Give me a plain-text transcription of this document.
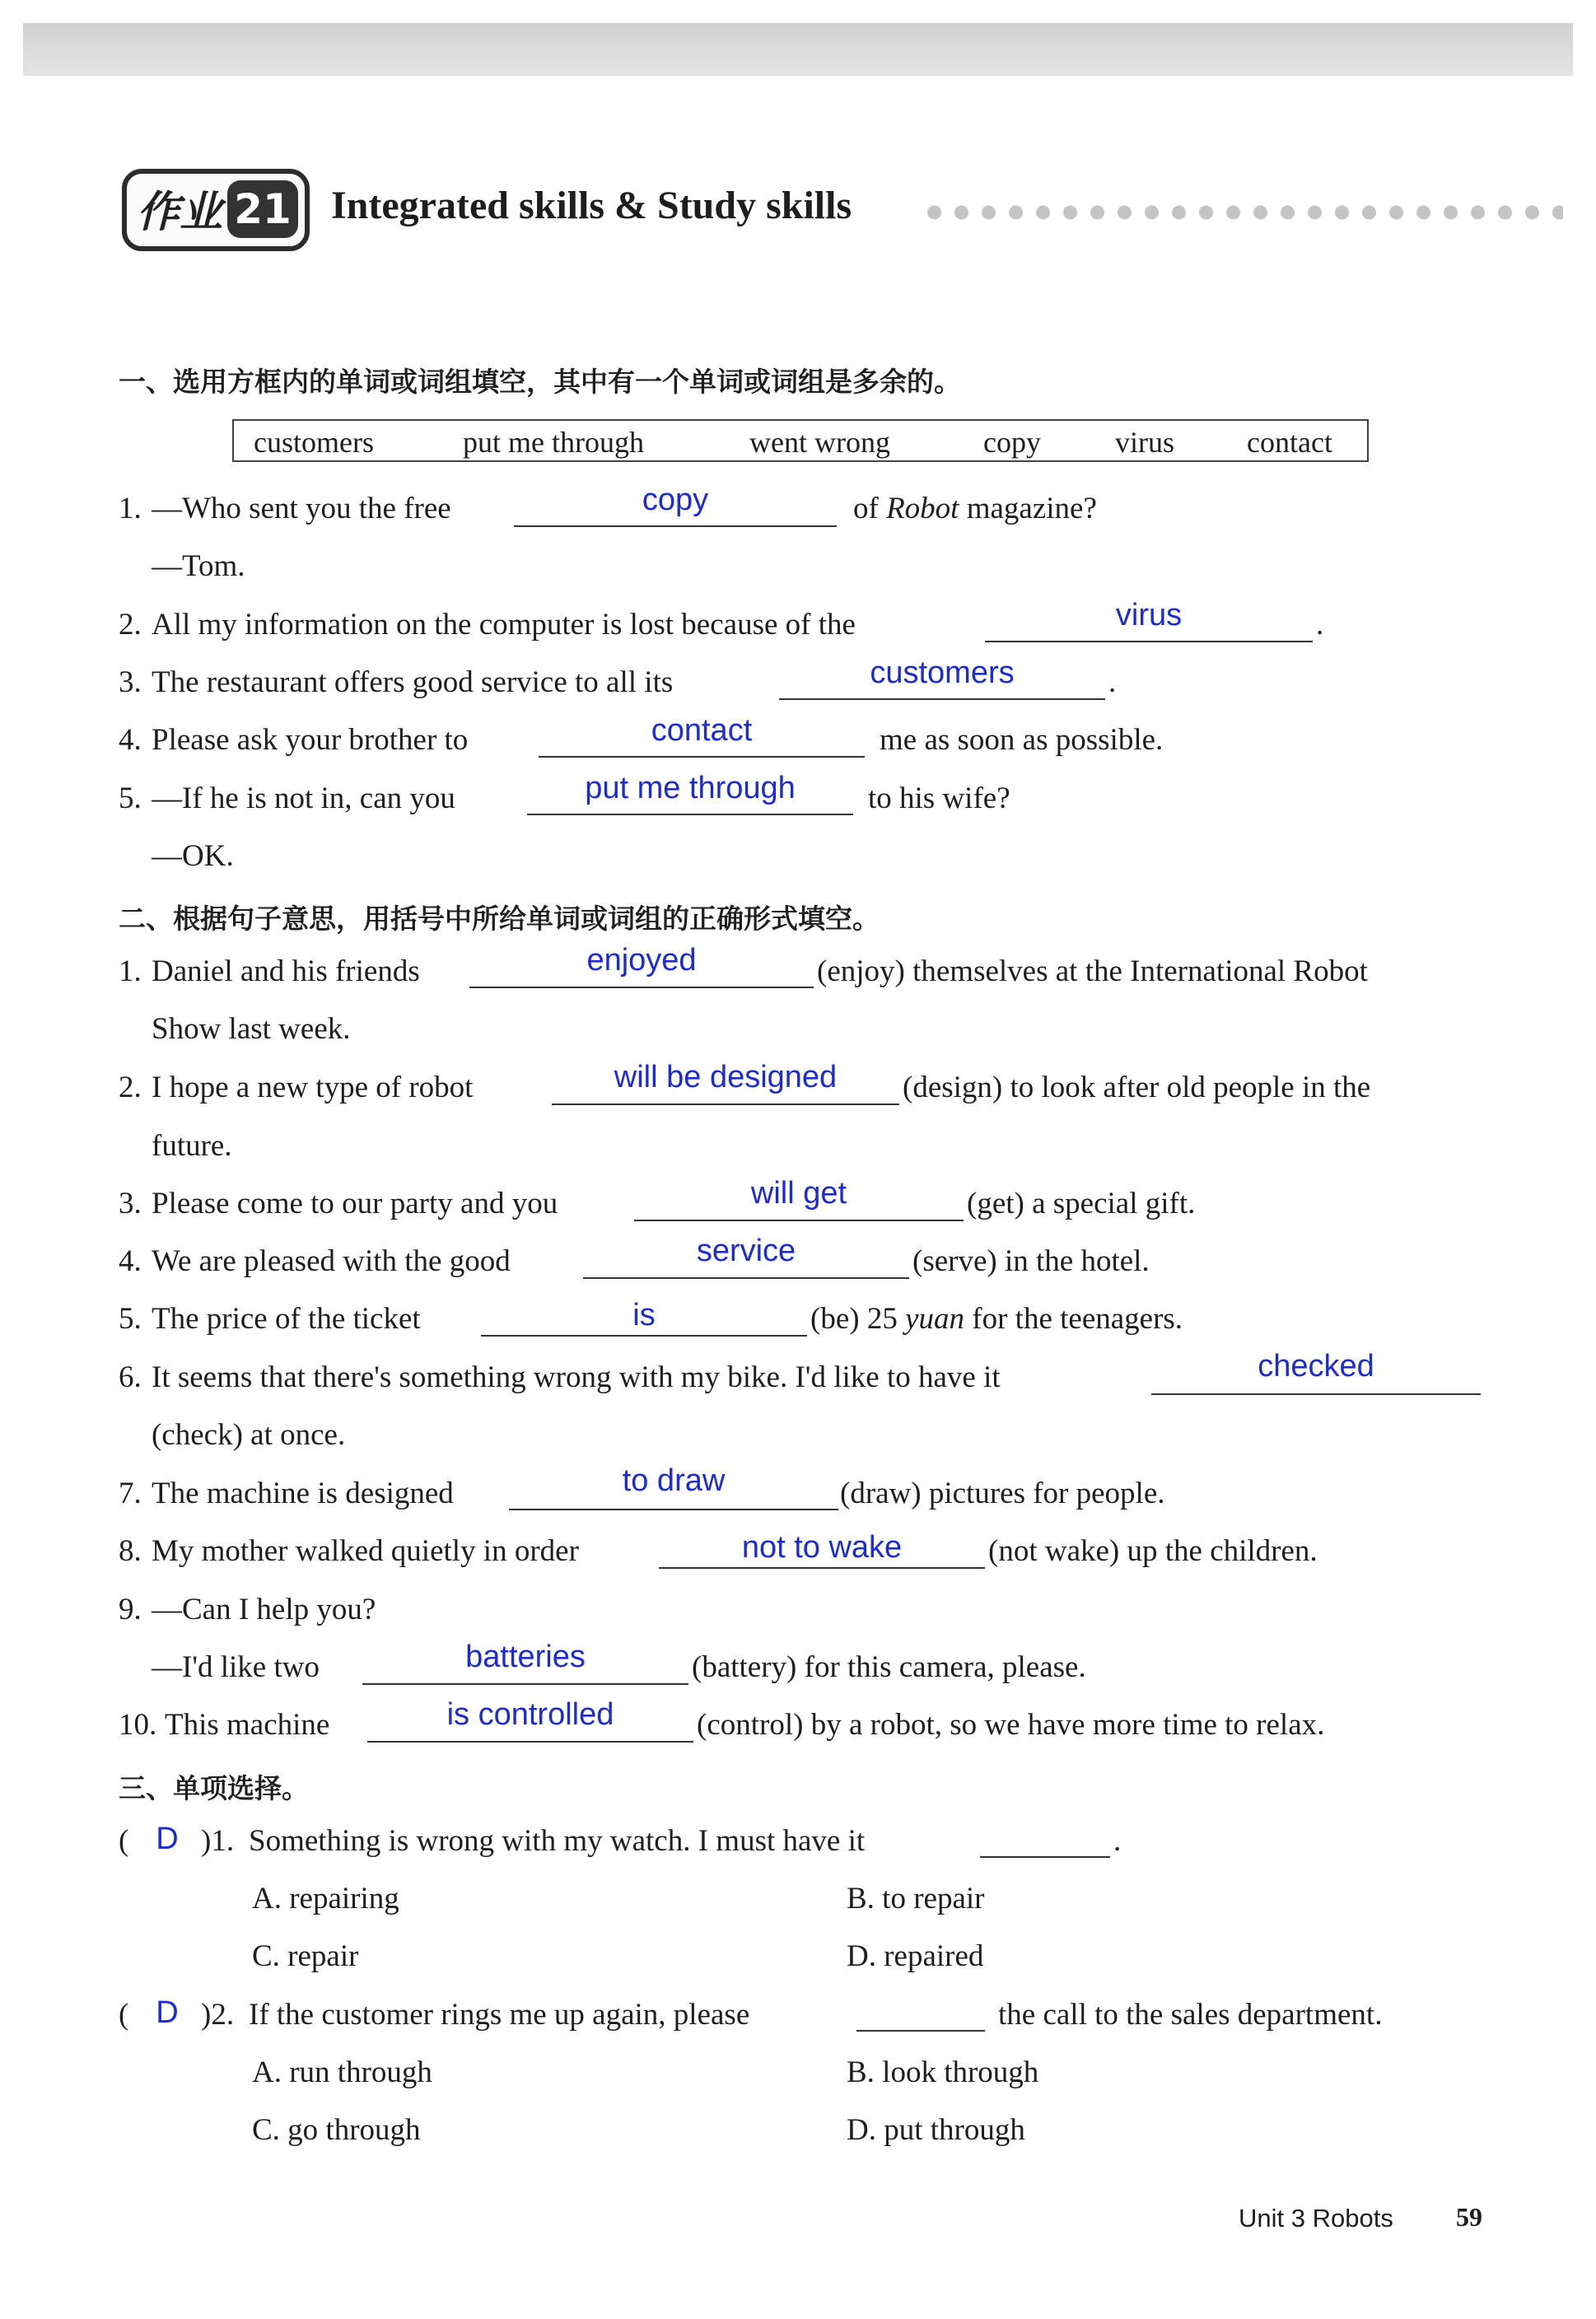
作业 21 Integrated skills & Study skills
一、选用方框内的单词或词组填空，其中有一个单词或词组是多余的。
customers	put me through	went wrong	copy	virus contact
1. —Who sent you the free	copy	of Robot magazine?
—Tom.
2. All my information on the computer is lost because of the	virus	.
3. The restaurant offers good service to all its	customers	.
4. Please ask your brother to	contact	me as soon as possible.
5. —If he is not in, can you	put me through	to his wife?
—OK.
二、根据句子意思，用括号中所给单词或词组的正确形式填空。
1. Daniel and his friends	enjoyed	(enjoy) themselves at the International Robot
Show last week.
2. I hope a new type of robot	will be designed	(design) to look after old people in the
future.
3. Please come to our party and you	will get	(get) a special gift.
4. We are pleased with the good	service	(serve) in the hotel.
5. The price of the ticket	is	(be) 25 yuan for the teenagers.
6. It seems that there's something wrong with my bike. I'd like to have it	checked
(check) at once.
7. The machine is designed	to draw	(draw) pictures for people.
8. My mother walked quietly in order	not to wake	(not wake) up the children.
9. —Can I help you?
—I'd like two	batteries	(battery) for this camera, please.
10. This machine	is controlled	(control) by a robot, so we have more time to relax.
三、单项选择。
( D )1. Something is wrong with my watch. I must have it	.
A. repairing	B. to repair
C. repair	D. repaired
( D )2. If the customer rings me up again, please	the call to the sales department.
A. run through	B. look through
C. go through	D. put through
Unit 3 Robots 59
